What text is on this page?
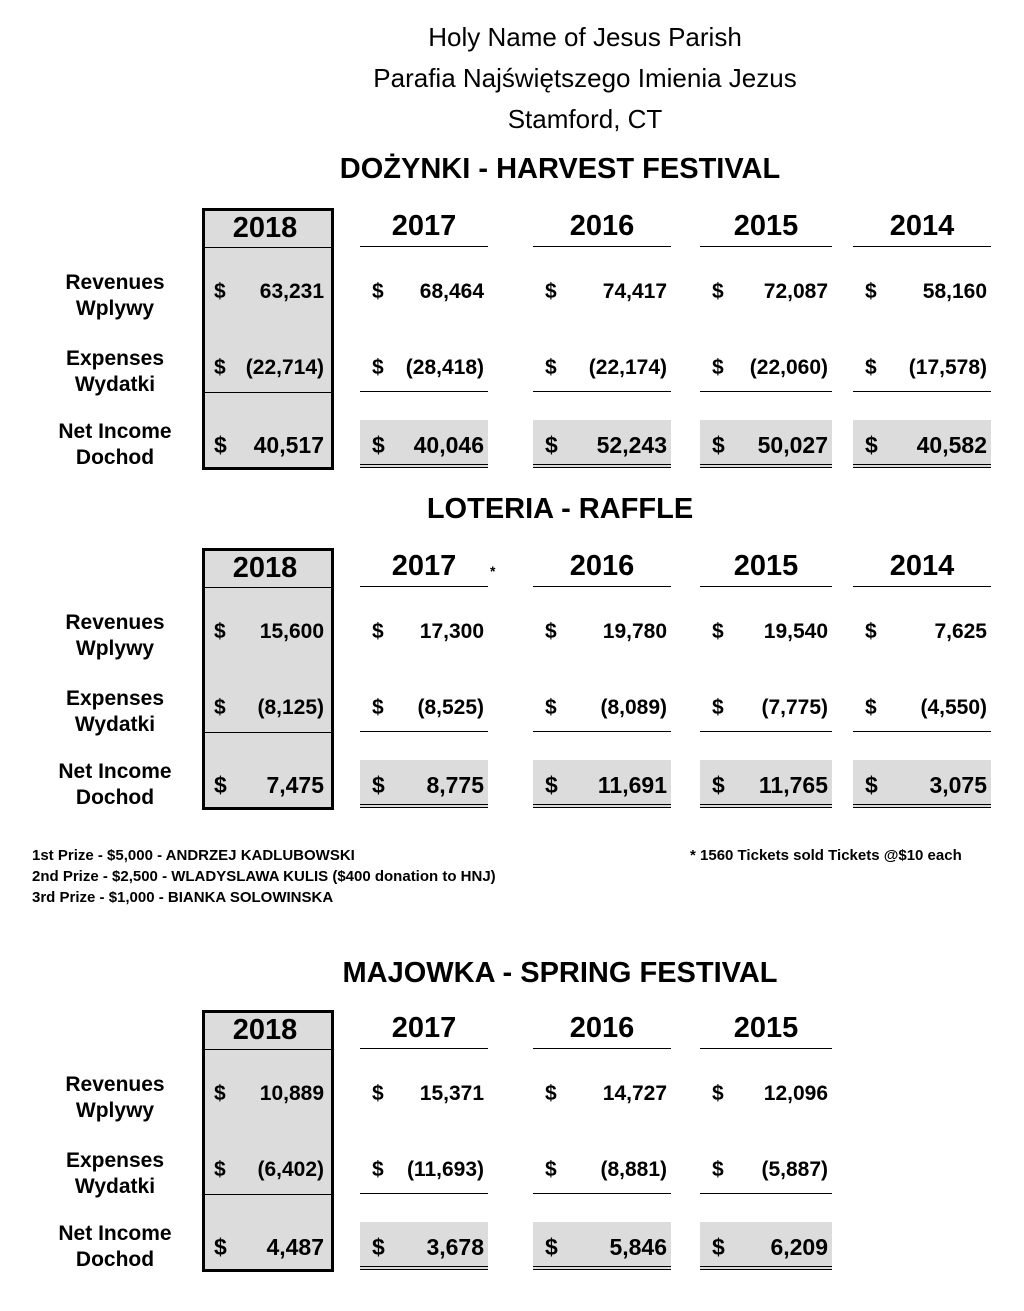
Holy Name of Jesus Parish
Parafia Najświętszego Imienia Jezus
Stamford, CT
DOŻYNKI - HARVEST FESTIVAL
Revenues
Wplywy
Expenses
Wydatki
Net Income
Dochod
2018
$ 63,231
$ (22,714)
$ 40,517
2017
$ 68,464
$ (28,418)
$ 40,046
2016
$ 74,417
$ (22,174)
$ 52,243
2015
$ 72,087
$ (22,060)
$ 50,027
2014
$ 58,160
$ (17,578)
$ 40,582
LOTERIA - RAFFLE
Revenues
Wplywy
Expenses
Wydatki
Net Income
Dochod
2018
$ 15,600
$ (8,125)
$ 7,475
2017
$ 17,300
$ (8,525)
$ 8,775
2016
$ 19,780
$ (8,089)
$ 11,691
2015
$ 19,540
$ (7,775)
$ 11,765
2014
$	7,625
$ (4,550)
$ 3,075
MAJOWKA - SPRING FESTIVAL
Revenues
Wplywy
Expenses
Wydatki
Net Income
Dochod
2018
$ 10,889
$ (6,402)
$ 4,487
2017
$ 15,371
$ (11,693)
$ 3,678
2016
$ 14,727
$ (8,881)
$ 5,846
2015
$ 12,096
$ (5,887)
$ 6,209
*
1st Prize - $5,000 - ANDRZEJ KADLUBOWSKI
2nd Prize - $2,500 - WLADYSLAWA KULIS ($400 donation to HNJ)
3rd Prize - $1,000 - BIANKA SOLOWINSKA
* 1560 Tickets sold Tickets @$10 each
